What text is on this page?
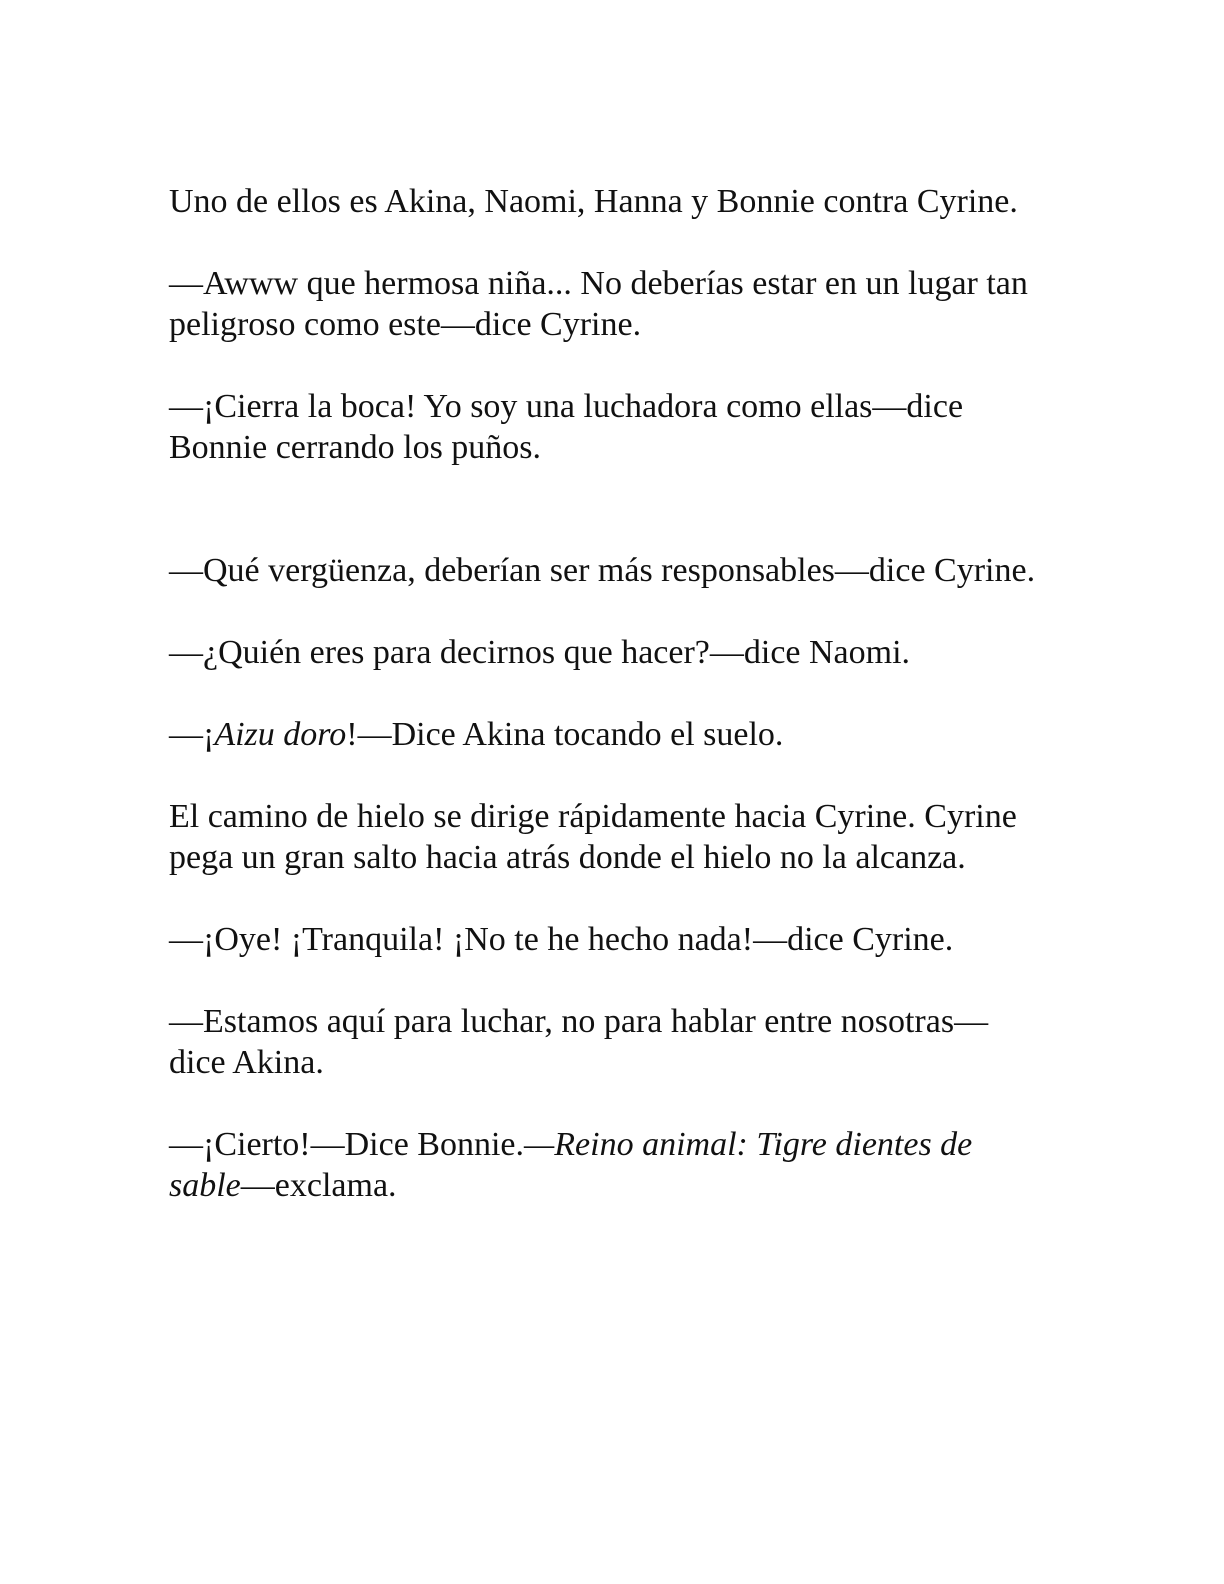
Uno de ellos es Akina, Naomi, Hanna y Bonnie contra Cyrine.

—Awww que hermosa niña... No deberías estar en un lugar tan peligroso como este—dice Cyrine.

—¡Cierra la boca! Yo soy una luchadora como ellas—dice Bonnie cerrando los puños.

—Qué vergüenza, deberían ser más responsables—dice Cyrine.

—¿Quién eres para decirnos que hacer?—dice Naomi.

—¡Aizu doro!—Dice Akina tocando el suelo.

El camino de hielo se dirige rápidamente hacia Cyrine. Cyrine pega un gran salto hacia atrás donde el hielo no la alcanza.

—¡Oye! ¡Tranquila! ¡No te he hecho nada!—dice Cyrine.

—Estamos aquí para luchar, no para hablar entre nosotras—dice Akina.

—¡Cierto!—Dice Bonnie.—Reino animal: Tigre dientes de sable—exclama.
